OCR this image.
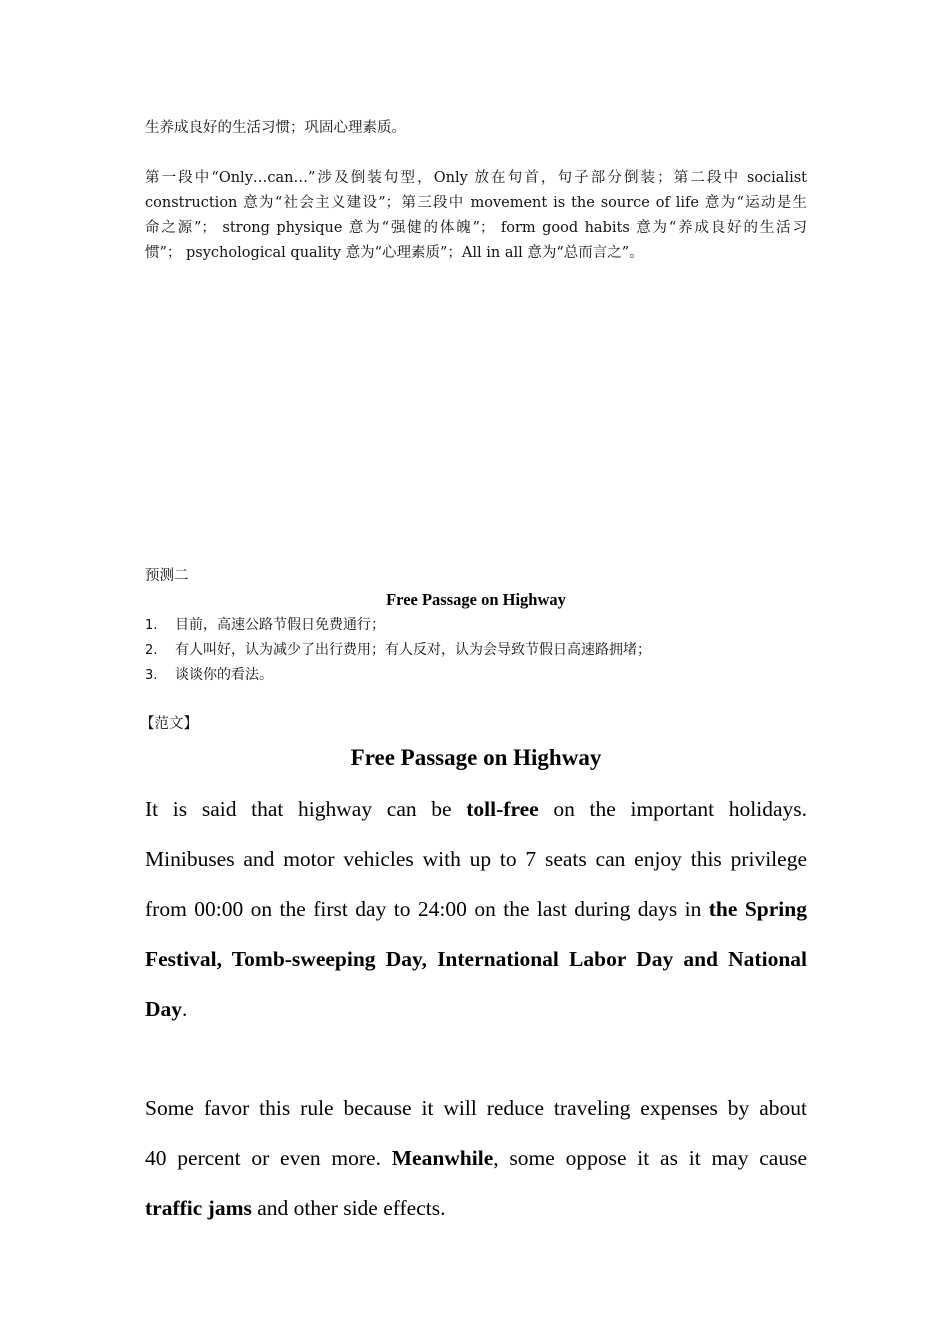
生养成良好的生活习惯；巩固心理素质。
第一段中“Only…can…”涉及倒装句型，Only 放在句首，句子部分倒装；第二段中 socialist
construction 意为“社会主义建设”；第三段中 movement is the source of life 意为“运动是生
命之源”； strong physique 意为“强健的体魄”； form good habits 意为“养成良好的生活习
惯”； psychological quality 意为“心理素质”；All in all 意为“总而言之”。
预测二
Free Passage on Highway
1. 目前，高速公路节假日免费通行；
2. 有人叫好，认为减少了出行费用；有人反对，认为会导致节假日高速路拥堵；
3. 谈谈你的看法。
【范文】
Free Passage on Highway
It is said that highway can be toll-free on the important holidays.
Minibuses and motor vehicles with up to 7 seats can enjoy this privilege
from 00:00 on the first day to 24:00 on the last during days in the Spring
Festival, Tomb-sweeping Day, International Labor Day and National
Day.
Some favor this rule because it will reduce traveling expenses by about
40 percent or even more. Meanwhile, some oppose it as it may cause
traffic jams and other side effects.
